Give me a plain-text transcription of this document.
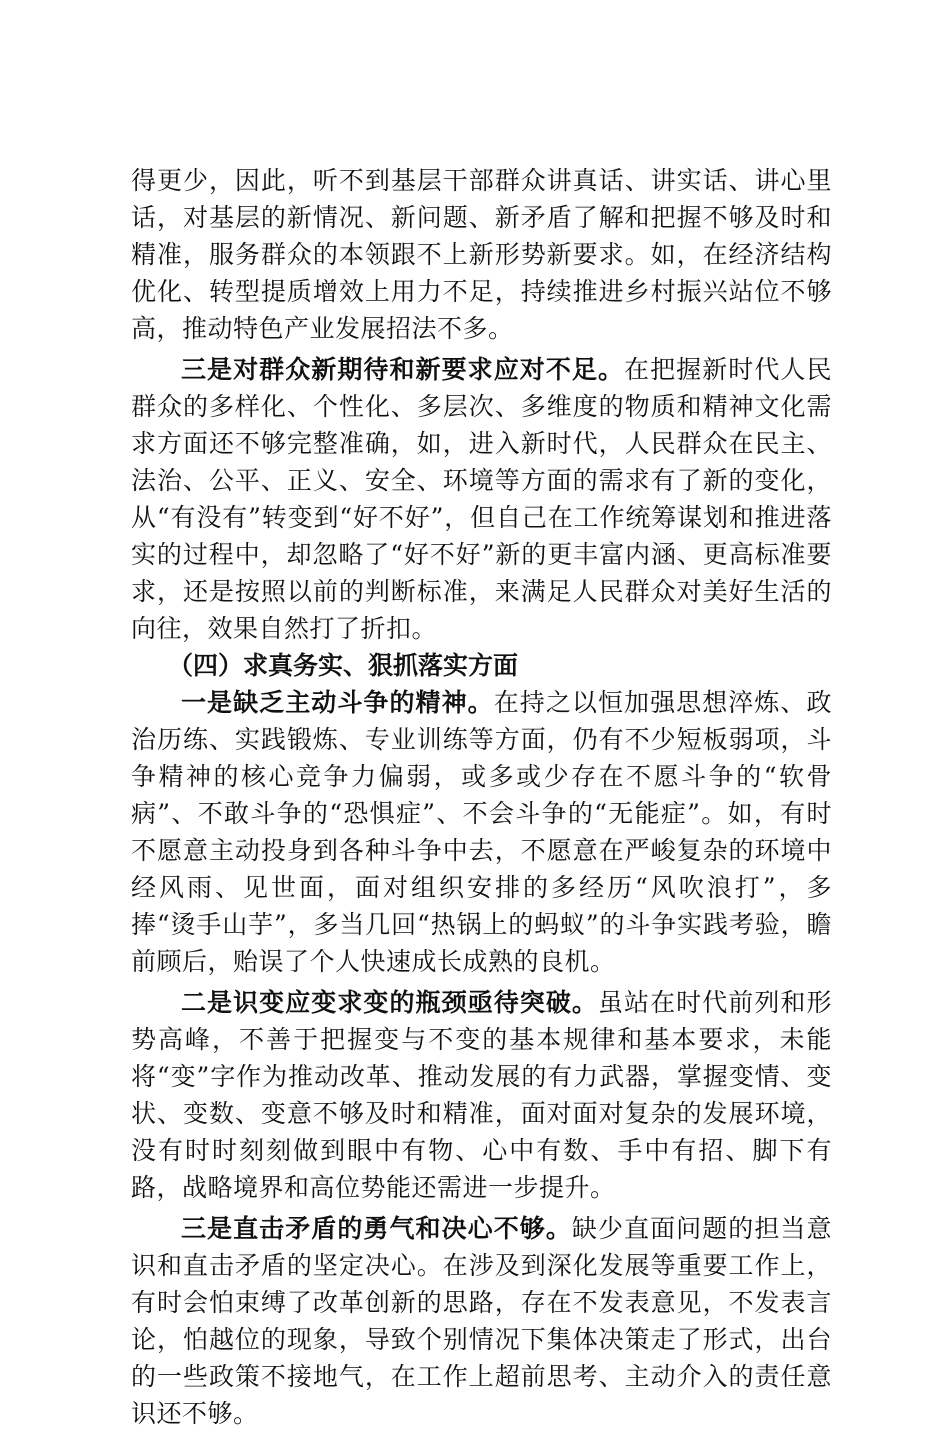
得更少，因此，听不到基层干部群众讲真话、讲实话、讲心里话，对基层的新情况、新问题、新矛盾了解和把握不够及时和精准，服务群众的本领跟不上新形势新要求。如，在经济结构优化、转型提质增效上用力不足，持续推进乡村振兴站位不够高，推动特色产业发展招法不多。

三是对群众新期待和新要求应对不足。在把握新时代人民群众的多样化、个性化、多层次、多维度的物质和精神文化需求方面还不够完整准确，如，进入新时代，人民群众在民主、法治、公平、正义、安全、环境等方面的需求有了新的变化，从“有没有”转变到“好不好”，但自己在工作统筹谋划和推进落实的过程中，却忽略了“好不好”新的更丰富内涵、更高标准要求，还是按照以前的判断标准，来满足人民群众对美好生活的向往，效果自然打了折扣。

（四）求真务实、狠抓落实方面

一是缺乏主动斗争的精神。在持之以恒加强思想淬炼、政治历练、实践锻炼、专业训练等方面，仍有不少短板弱项，斗争精神的核心竞争力偏弱，或多或少存在不愿斗争的“软骨病”、不敢斗争的“恐惧症”、不会斗争的“无能症”。如，有时不愿意主动投身到各种斗争中去，不愿意在严峻复杂的环境中经风雨、见世面，面对组织安排的多经历“风吹浪打”，多捧“烫手山芋”，多当几回“热锅上的蚂蚁”的斗争实践考验，瞻前顾后，贻误了个人快速成长成熟的良机。

二是识变应变求变的瓶颈亟待突破。虽站在时代前列和形势高峰，不善于把握变与不变的基本规律和基本要求，未能将“变”字作为推动改革、推动发展的有力武器，掌握变情、变状、变数、变意不够及时和精准，面对面对复杂的发展环境，没有时时刻刻做到眼中有物、心中有数、手中有招、脚下有路，战略境界和高位势能还需进一步提升。

三是直击矛盾的勇气和决心不够。缺少直面问题的担当意识和直击矛盾的坚定决心。在涉及到深化发展等重要工作上，有时会怕束缚了改革创新的思路，存在不发表意见，不发表言论，怕越位的现象，导致个别情况下集体决策走了形式，出台的一些政策不接地气，在工作上超前思考、主动介入的责任意识还不够。
